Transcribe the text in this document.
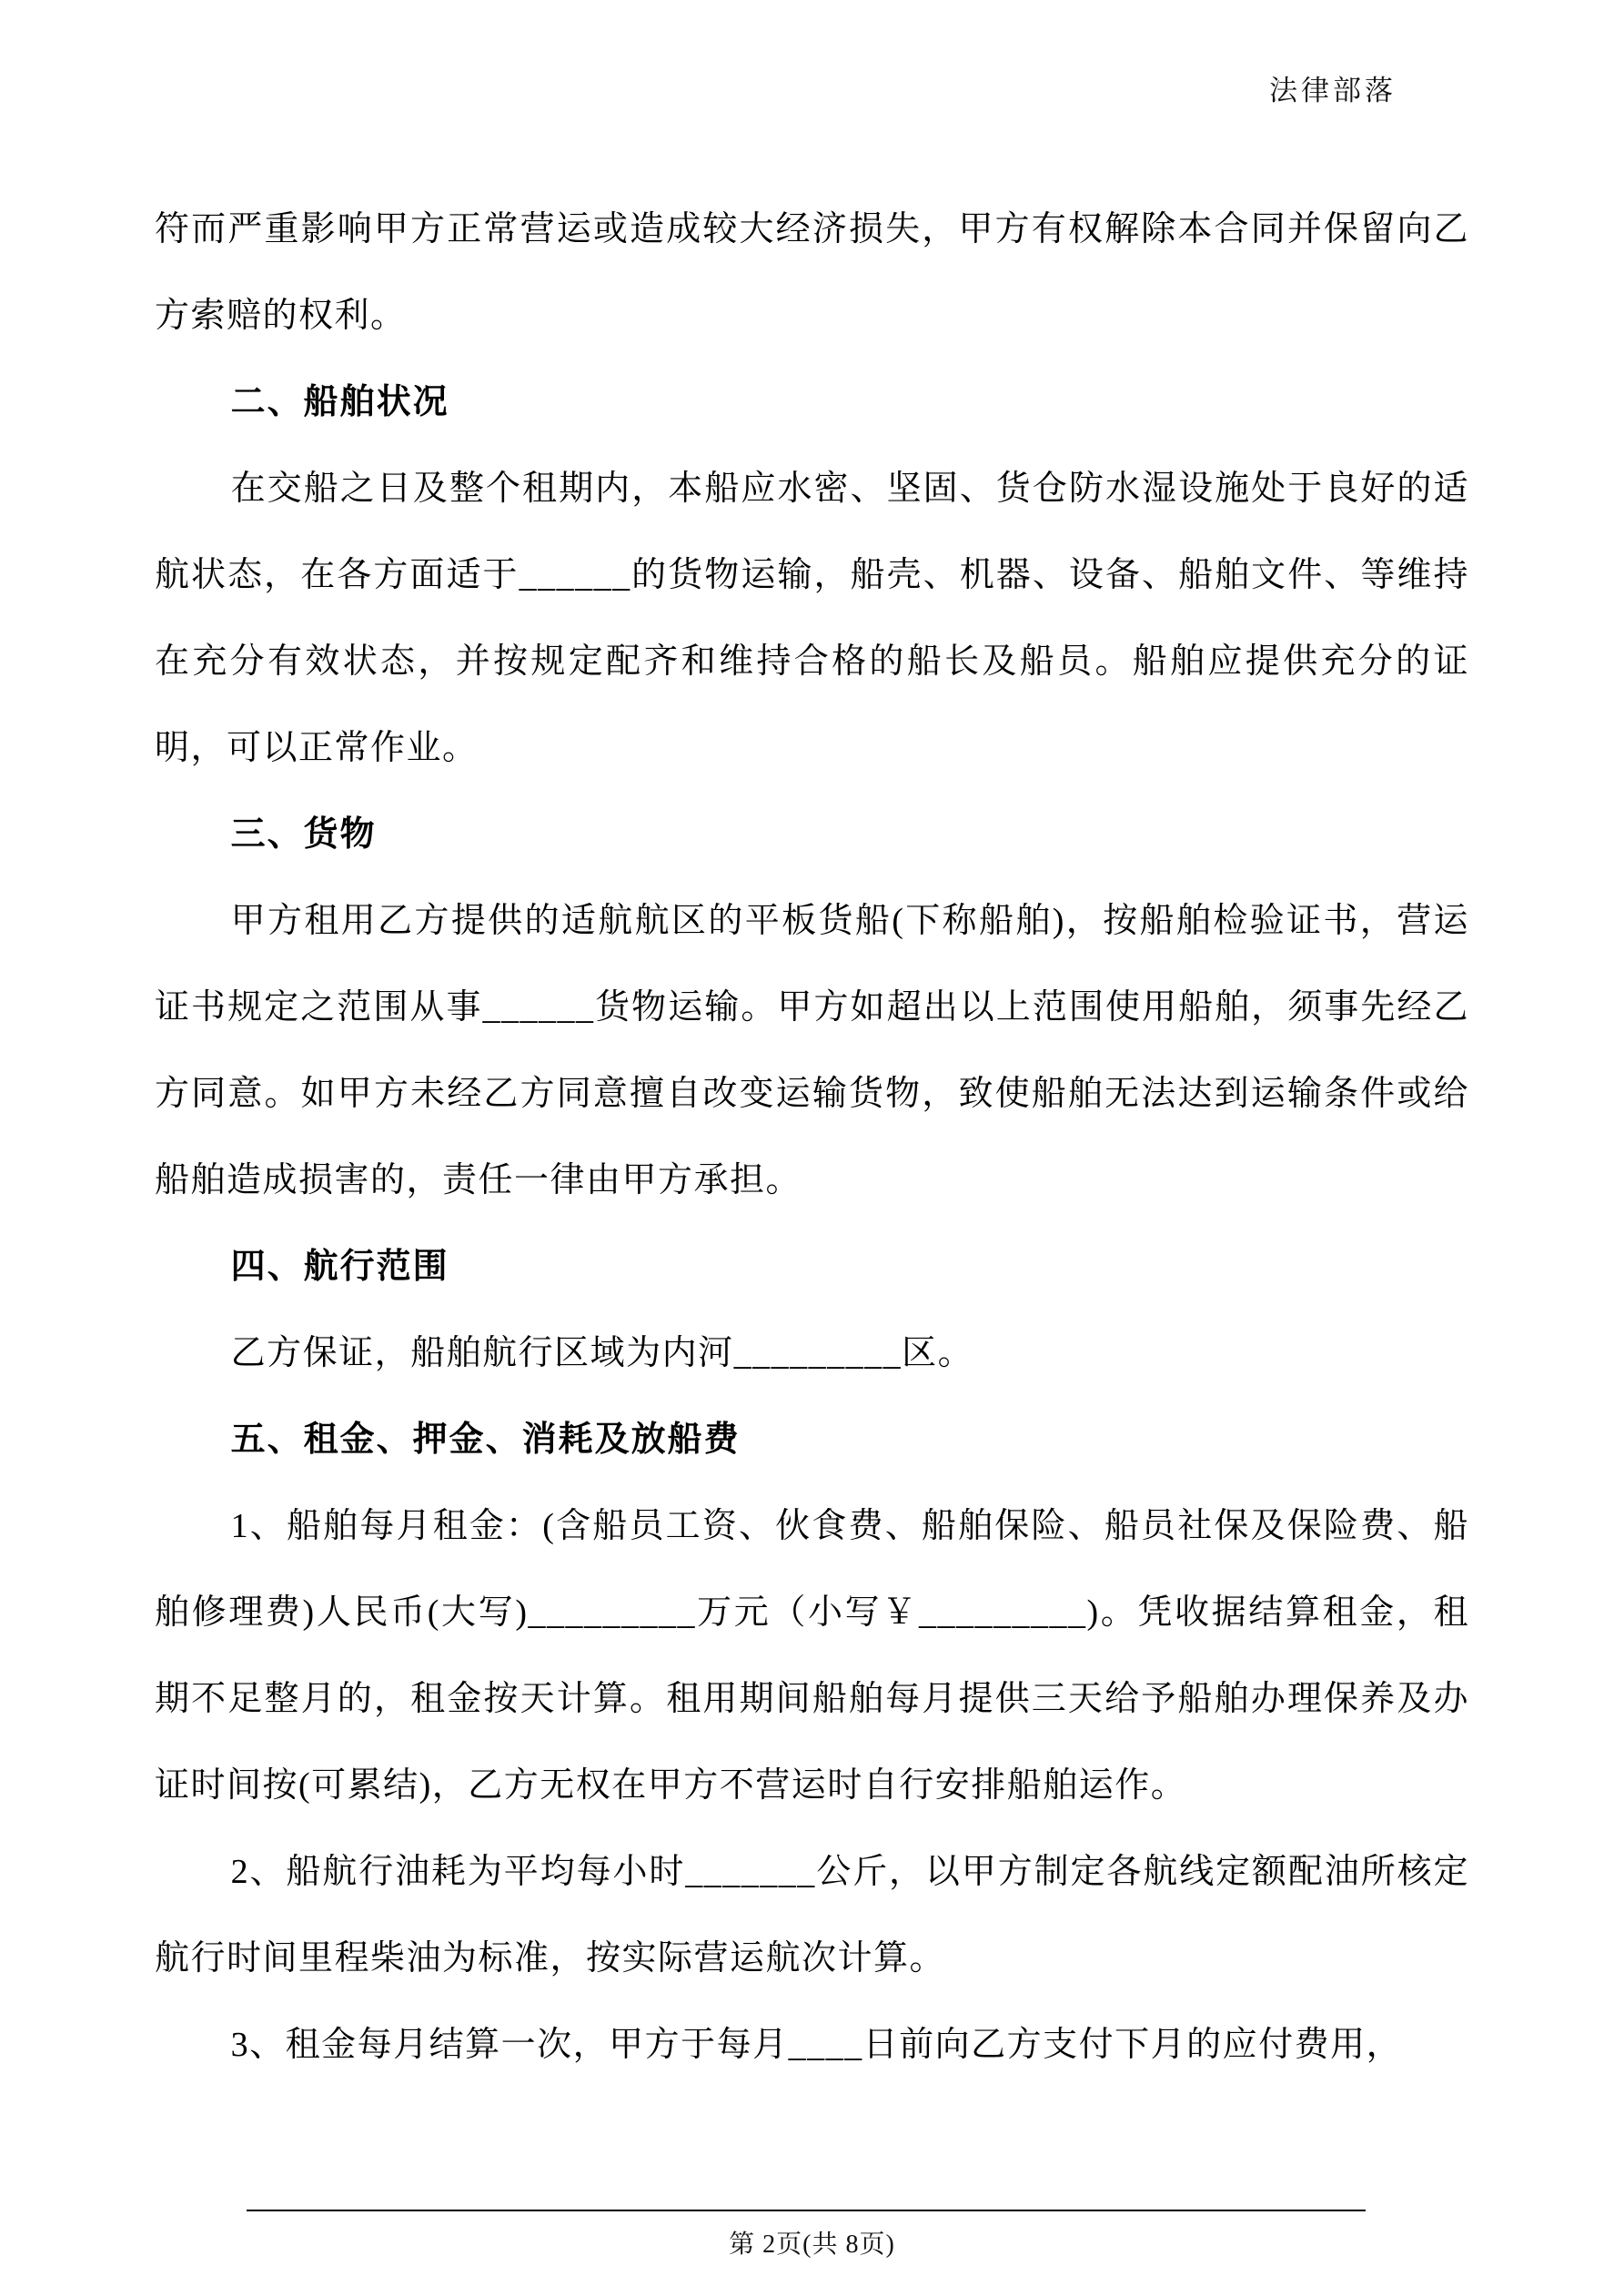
法律部落

符而严重影响甲方正常营运或造成较大经济损失，甲方有权解除本合同并保留向乙方索赔的权利。

二、船舶状况

在交船之日及整个租期内，本船应水密、坚固、货仓防水湿设施处于良好的适航状态，在各方面适于______的货物运输，船壳、机器、设备、船舶文件、等维持在充分有效状态，并按规定配齐和维持合格的船长及船员。船舶应提供充分的证明，可以正常作业。

三、货物

甲方租用乙方提供的适航航区的平板货船(下称船舶)，按船舶检验证书，营运证书规定之范围从事______货物运输。甲方如超出以上范围使用船舶，须事先经乙方同意。如甲方未经乙方同意擅自改变运输货物，致使船舶无法达到运输条件或给船舶造成损害的，责任一律由甲方承担。

四、航行范围

乙方保证，船舶航行区域为内河_________区。

五、租金、押金、消耗及放船费

1、船舶每月租金：(含船员工资、伙食费、船舶保险、船员社保及保险费、船舶修理费)人民币(大写)_________万元（小写￥_________)。凭收据结算租金，租期不足整月的，租金按天计算。租用期间船舶每月提供三天给予船舶办理保养及办证时间按(可累结)，乙方无权在甲方不营运时自行安排船舶运作。

2、船航行油耗为平均每小时_______公斤，以甲方制定各航线定额配油所核定航行时间里程柴油为标准，按实际营运航次计算。

3、租金每月结算一次，甲方于每月____日前向乙方支付下月的应付费用，

第 2页(共 8页)
